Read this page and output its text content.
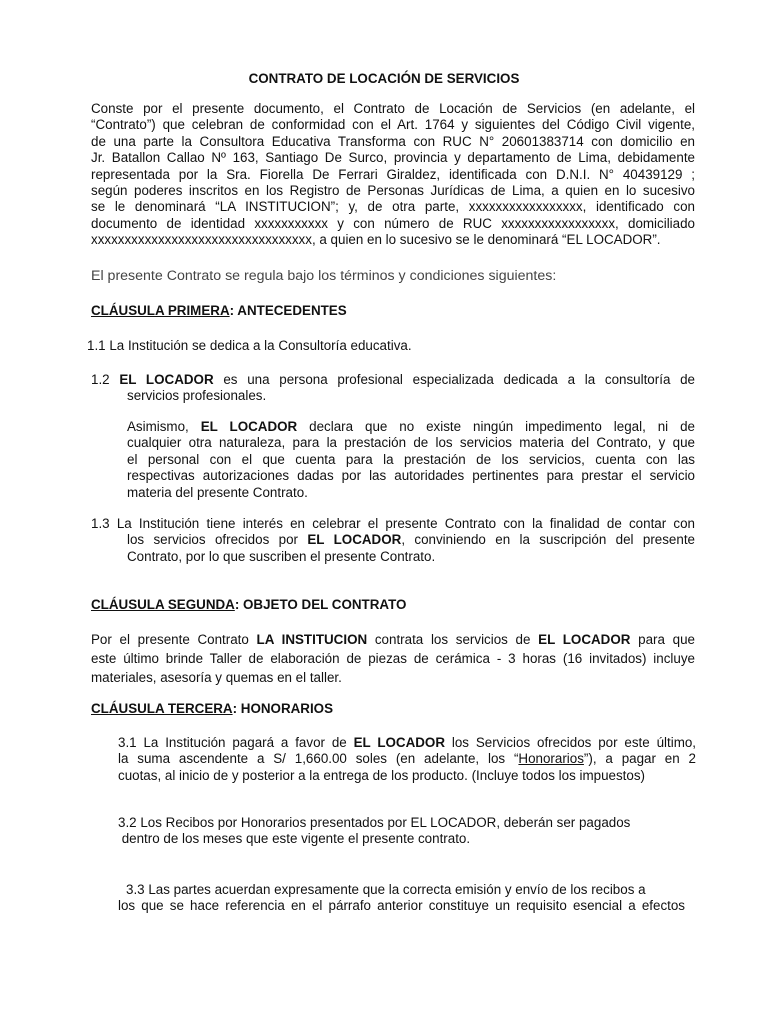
CONTRATO DE LOCACIÓN DE SERVICIOS
Conste por el presente documento, el Contrato de Locación de Servicios (en adelante, el
“Contrato”) que celebran de conformidad con el Art. 1764 y siguientes del Código Civil vigente,
de una parte la Consultora Educativa Transforma con RUC N° 20601383714 con domicilio en
Jr. Batallon Callao Nº 163, Santiago De Surco, provincia y departamento de Lima, debidamente
representada por la Sra. Fiorella De Ferrari Giraldez, identificada con D.N.I. N° 40439129 ;
según poderes inscritos en los Registro de Personas Jurídicas de Lima, a quien en lo sucesivo
se le denominará “LA INSTITUCION”; y, de otra parte, xxxxxxxxxxxxxxxxx, identificado con
documento de identidad xxxxxxxxxxx y con número de RUC xxxxxxxxxxxxxxxxx, domiciliado
xxxxxxxxxxxxxxxxxxxxxxxxxxxxxxxxx, a quien en lo sucesivo se le denominará “EL LOCADOR”.
El presente Contrato se regula bajo los términos y condiciones siguientes:
CLÁUSULA PRIMERA: ANTECEDENTES
1.1 La Institución se dedica a la Consultoría educativa.
1.2 EL LOCADOR es una persona profesional especializada dedicada a la consultoría de
servicios profesionales.
Asimismo, EL LOCADOR declara que no existe ningún impedimento legal, ni de
cualquier otra naturaleza, para la prestación de los servicios materia del Contrato, y que
el personal con el que cuenta para la prestación de los servicios, cuenta con las
respectivas autorizaciones dadas por las autoridades pertinentes para prestar el servicio
materia del presente Contrato.
1.3 La Institución tiene interés en celebrar el presente Contrato con la finalidad de contar con
los servicios ofrecidos por EL LOCADOR, conviniendo en la suscripción del presente
Contrato, por lo que suscriben el presente Contrato.
CLÁUSULA SEGUNDA: OBJETO DEL CONTRATO
Por el presente Contrato LA INSTITUCION contrata los servicios de EL LOCADOR para que
este último brinde Taller de elaboración de piezas de cerámica - 3 horas (16 invitados) incluye
materiales, asesoría y quemas en el taller.
CLÁUSULA TERCERA: HONORARIOS
3.1 La Institución pagará a favor de EL LOCADOR los Servicios ofrecidos por este último,
la suma ascendente a S/ 1,660.00 soles (en adelante, los “Honorarios”), a pagar en 2
cuotas, al inicio de y posterior a la entrega de los producto. (Incluye todos los impuestos)
3.2 Los Recibos por Honorarios presentados por EL LOCADOR, deberán ser pagados
dentro de los meses que este vigente el presente contrato.
3.3 Las partes acuerdan expresamente que la correcta emisión y envío de los recibos a
los que se hace referencia en el párrafo anterior constituye un requisito esencial a efectos
